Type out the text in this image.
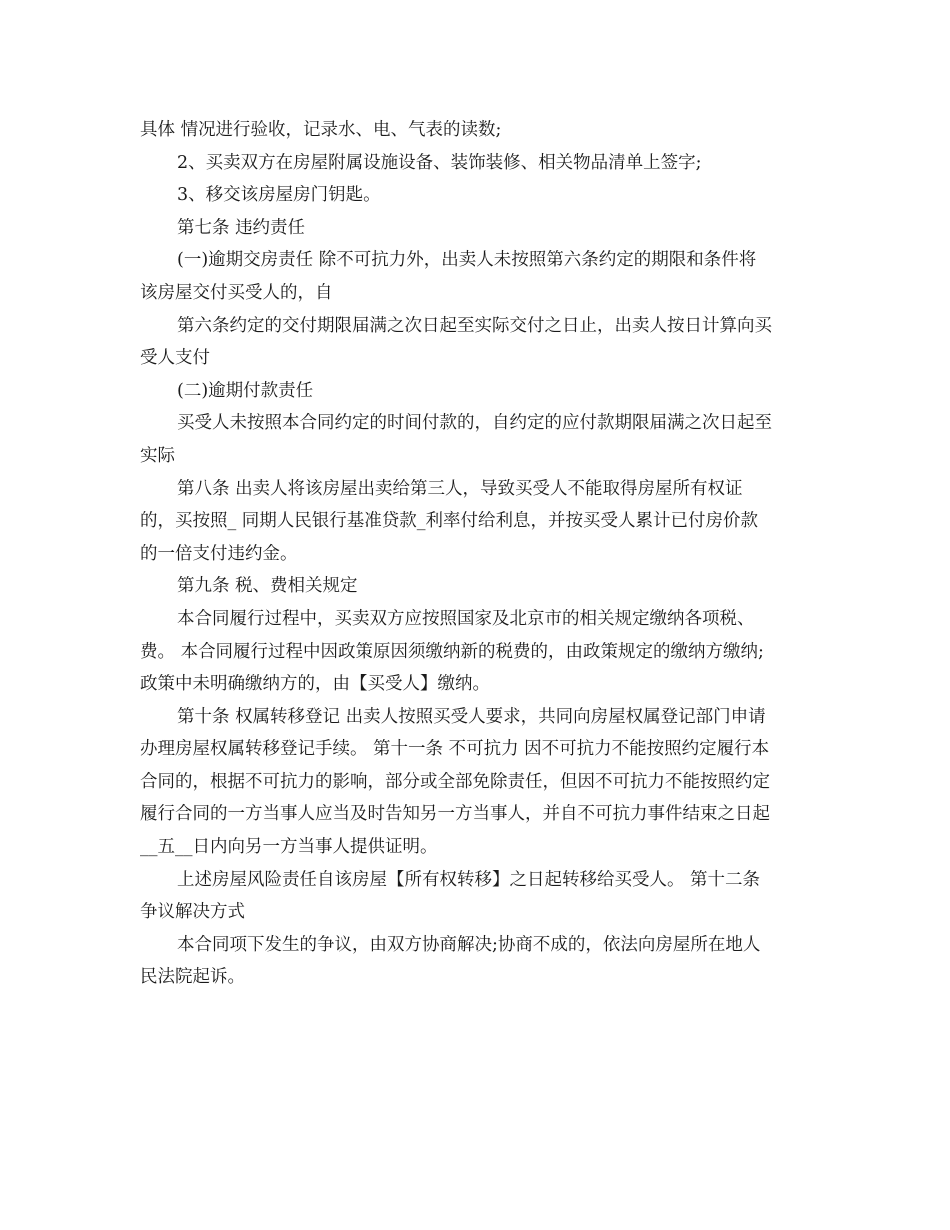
具体 情况进行验收，记录水、电、气表的读数;
2、买卖双方在房屋附属设施设备、装饰装修、相关物品清单上签字;
3、移交该房屋房门钥匙。
第七条 违约责任
(一)逾期交房责任 除不可抗力外，出卖人未按照第六条约定的期限和条件将
该房屋交付买受人的，自
第六条约定的交付期限届满之次日起至实际交付之日止，出卖人按日计算向买
受人支付
(二)逾期付款责任
买受人未按照本合同约定的时间付款的，自约定的应付款期限届满之次日起至
实际
第八条 出卖人将该房屋出卖给第三人，导致买受人不能取得房屋所有权证
的，买按照_ 同期人民银行基准贷款_利率付给利息，并按买受人累计已付房价款
的一倍支付违约金。
第九条 税、费相关规定
本合同履行过程中，买卖双方应按照国家及北京市的相关规定缴纳各项税、
费。 本合同履行过程中因政策原因须缴纳新的税费的，由政策规定的缴纳方缴纳;
政策中未明确缴纳方的，由【买受人】缴纳。
第十条 权属转移登记 出卖人按照买受人要求，共同向房屋权属登记部门申请
办理房屋权属转移登记手续。 第十一条 不可抗力 因不可抗力不能按照约定履行本
合同的，根据不可抗力的影响，部分或全部免除责任，但因不可抗力不能按照约定
履行合同的一方当事人应当及时告知另一方当事人，并自不可抗力事件结束之日起
__五__日内向另一方当事人提供证明。
上述房屋风险责任自该房屋【所有权转移】之日起转移给买受人。 第十二条
争议解决方式
本合同项下发生的争议，由双方协商解决;协商不成的，依法向房屋所在地人
民法院起诉。
